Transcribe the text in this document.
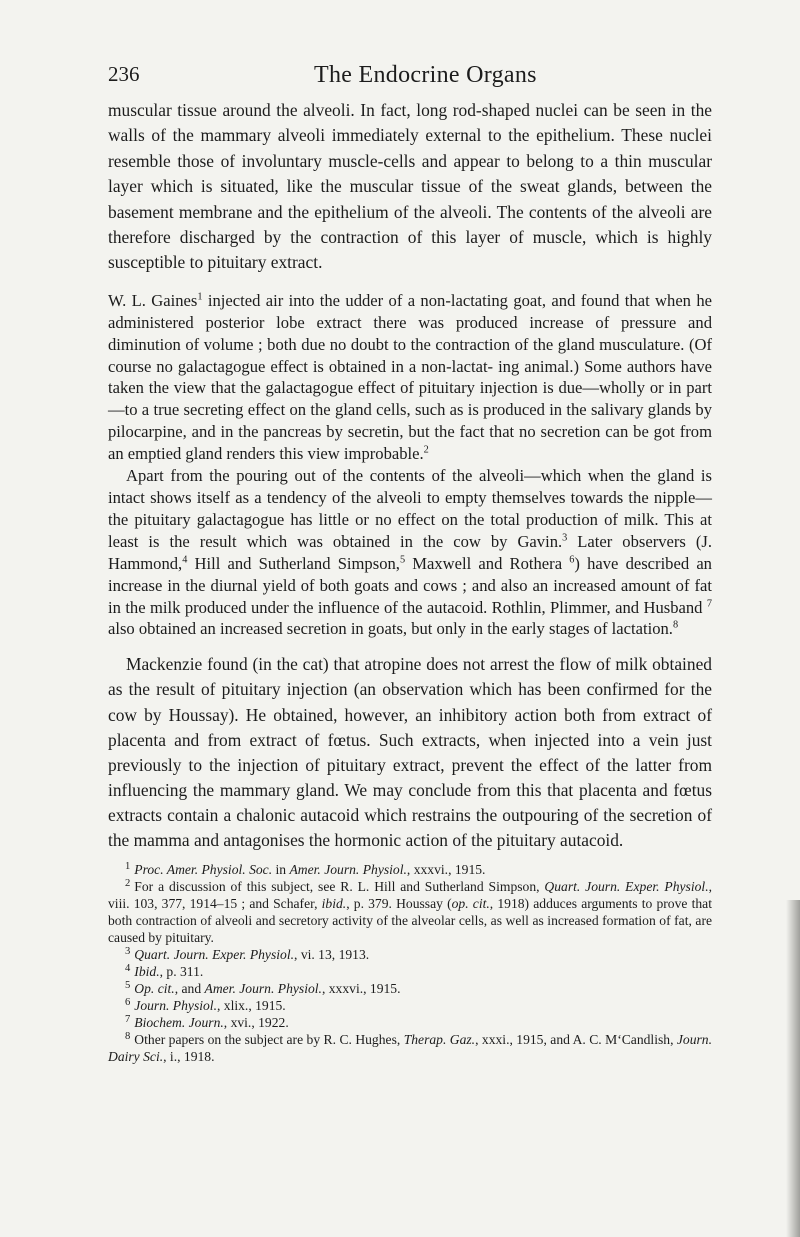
236	The Endocrine Organs

muscular tissue around the alveoli. In fact, long rod-shaped nuclei can be seen in the walls of the mammary alveoli immediately external to the epithelium. These nuclei resemble those of involuntary muscle-cells and appear to belong to a thin muscular layer which is situated, like the muscular tissue of the sweat glands, between the basement membrane and the epithelium of the alveoli. The contents of the alveoli are therefore discharged by the contraction of this layer of muscle, which is highly susceptible to pituitary extract.

W. L. Gaines$^1$ injected air into the udder of a non-lactating goat, and found that when he administered posterior lobe extract there was produced increase of pressure and diminution of volume ; both due no doubt to the contraction of the gland musculature. (Of course no galactagogue effect is obtained in a non-lactat- ing animal.) Some authors have taken the view that the galactagogue effect of pituitary injection is due—wholly or in part—to a true secreting effect on the gland cells, such as is produced in the salivary glands by pilocarpine, and in the pancreas by secretin, but the fact that no secretion can be got from an emptied gland renders this view improbable.$^2$

Apart from the pouring out of the contents of the alveoli—which when the gland is intact shows itself as a tendency of the alveoli to empty themselves towards the nipple—the pituitary galactagogue has little or no effect on the total production of milk. This at least is the result which was obtained in the cow by Gavin.$^3$ Later observers (J. Hammond,$^4$ Hill and Sutherland Simpson,$^5$ Maxwell and Rothera $^6$) have described an increase in the diurnal yield of both goats and cows ; and also an increased amount of fat in the milk produced under the influence of the autacoid. Rothlin, Plimmer, and Husband $^7$ also obtained an increased secretion in goats, but only in the early stages of lactation.$^8$

Mackenzie found (in the cat) that atropine does not arrest the flow of milk obtained as the result of pituitary injection (an observation which has been confirmed for the cow by Houssay). He obtained, however, an inhibitory action both from extract of placenta and from extract of fœtus. Such extracts, when injected into a vein just previously to the injection of pituitary extract, prevent the effect of the latter from influencing the mammary gland. We may conclude from this that placenta and fœtus extracts contain a chalonic autacoid which restrains the outpouring of the secretion of the mamma and antagonises the hormonic action of the pituitary autacoid.

$^1$ Proc. Amer. Physiol. Soc. in Amer. Journ. Physiol., xxxvi., 1915.

$^2$ For a discussion of this subject, see R. L. Hill and Sutherland Simpson, Quart. Journ. Exper. Physiol., viii. 103, 377, 1914–15 ; and Schafer, ibid., p. 379. Houssay (op. cit., 1918) adduces arguments to prove that both contraction of alveoli and secretory activity of the alveolar cells, as well as increased formation of fat, are caused by pituitary.

$^3$ Quart. Journ. Exper. Physiol., vi. 13, 1913.

$^4$ Ibid., p. 311.

$^5$ Op. cit., and Amer. Journ. Physiol., xxxvi., 1915.

$^6$ Journ. Physiol., xlix., 1915.

$^7$ Biochem. Journ., xvi., 1922.

$^8$ Other papers on the subject are by R. C. Hughes, Therap. Gaz., xxxi., 1915, and A. C. M‘Candlish, Journ. Dairy Sci., i., 1918.
